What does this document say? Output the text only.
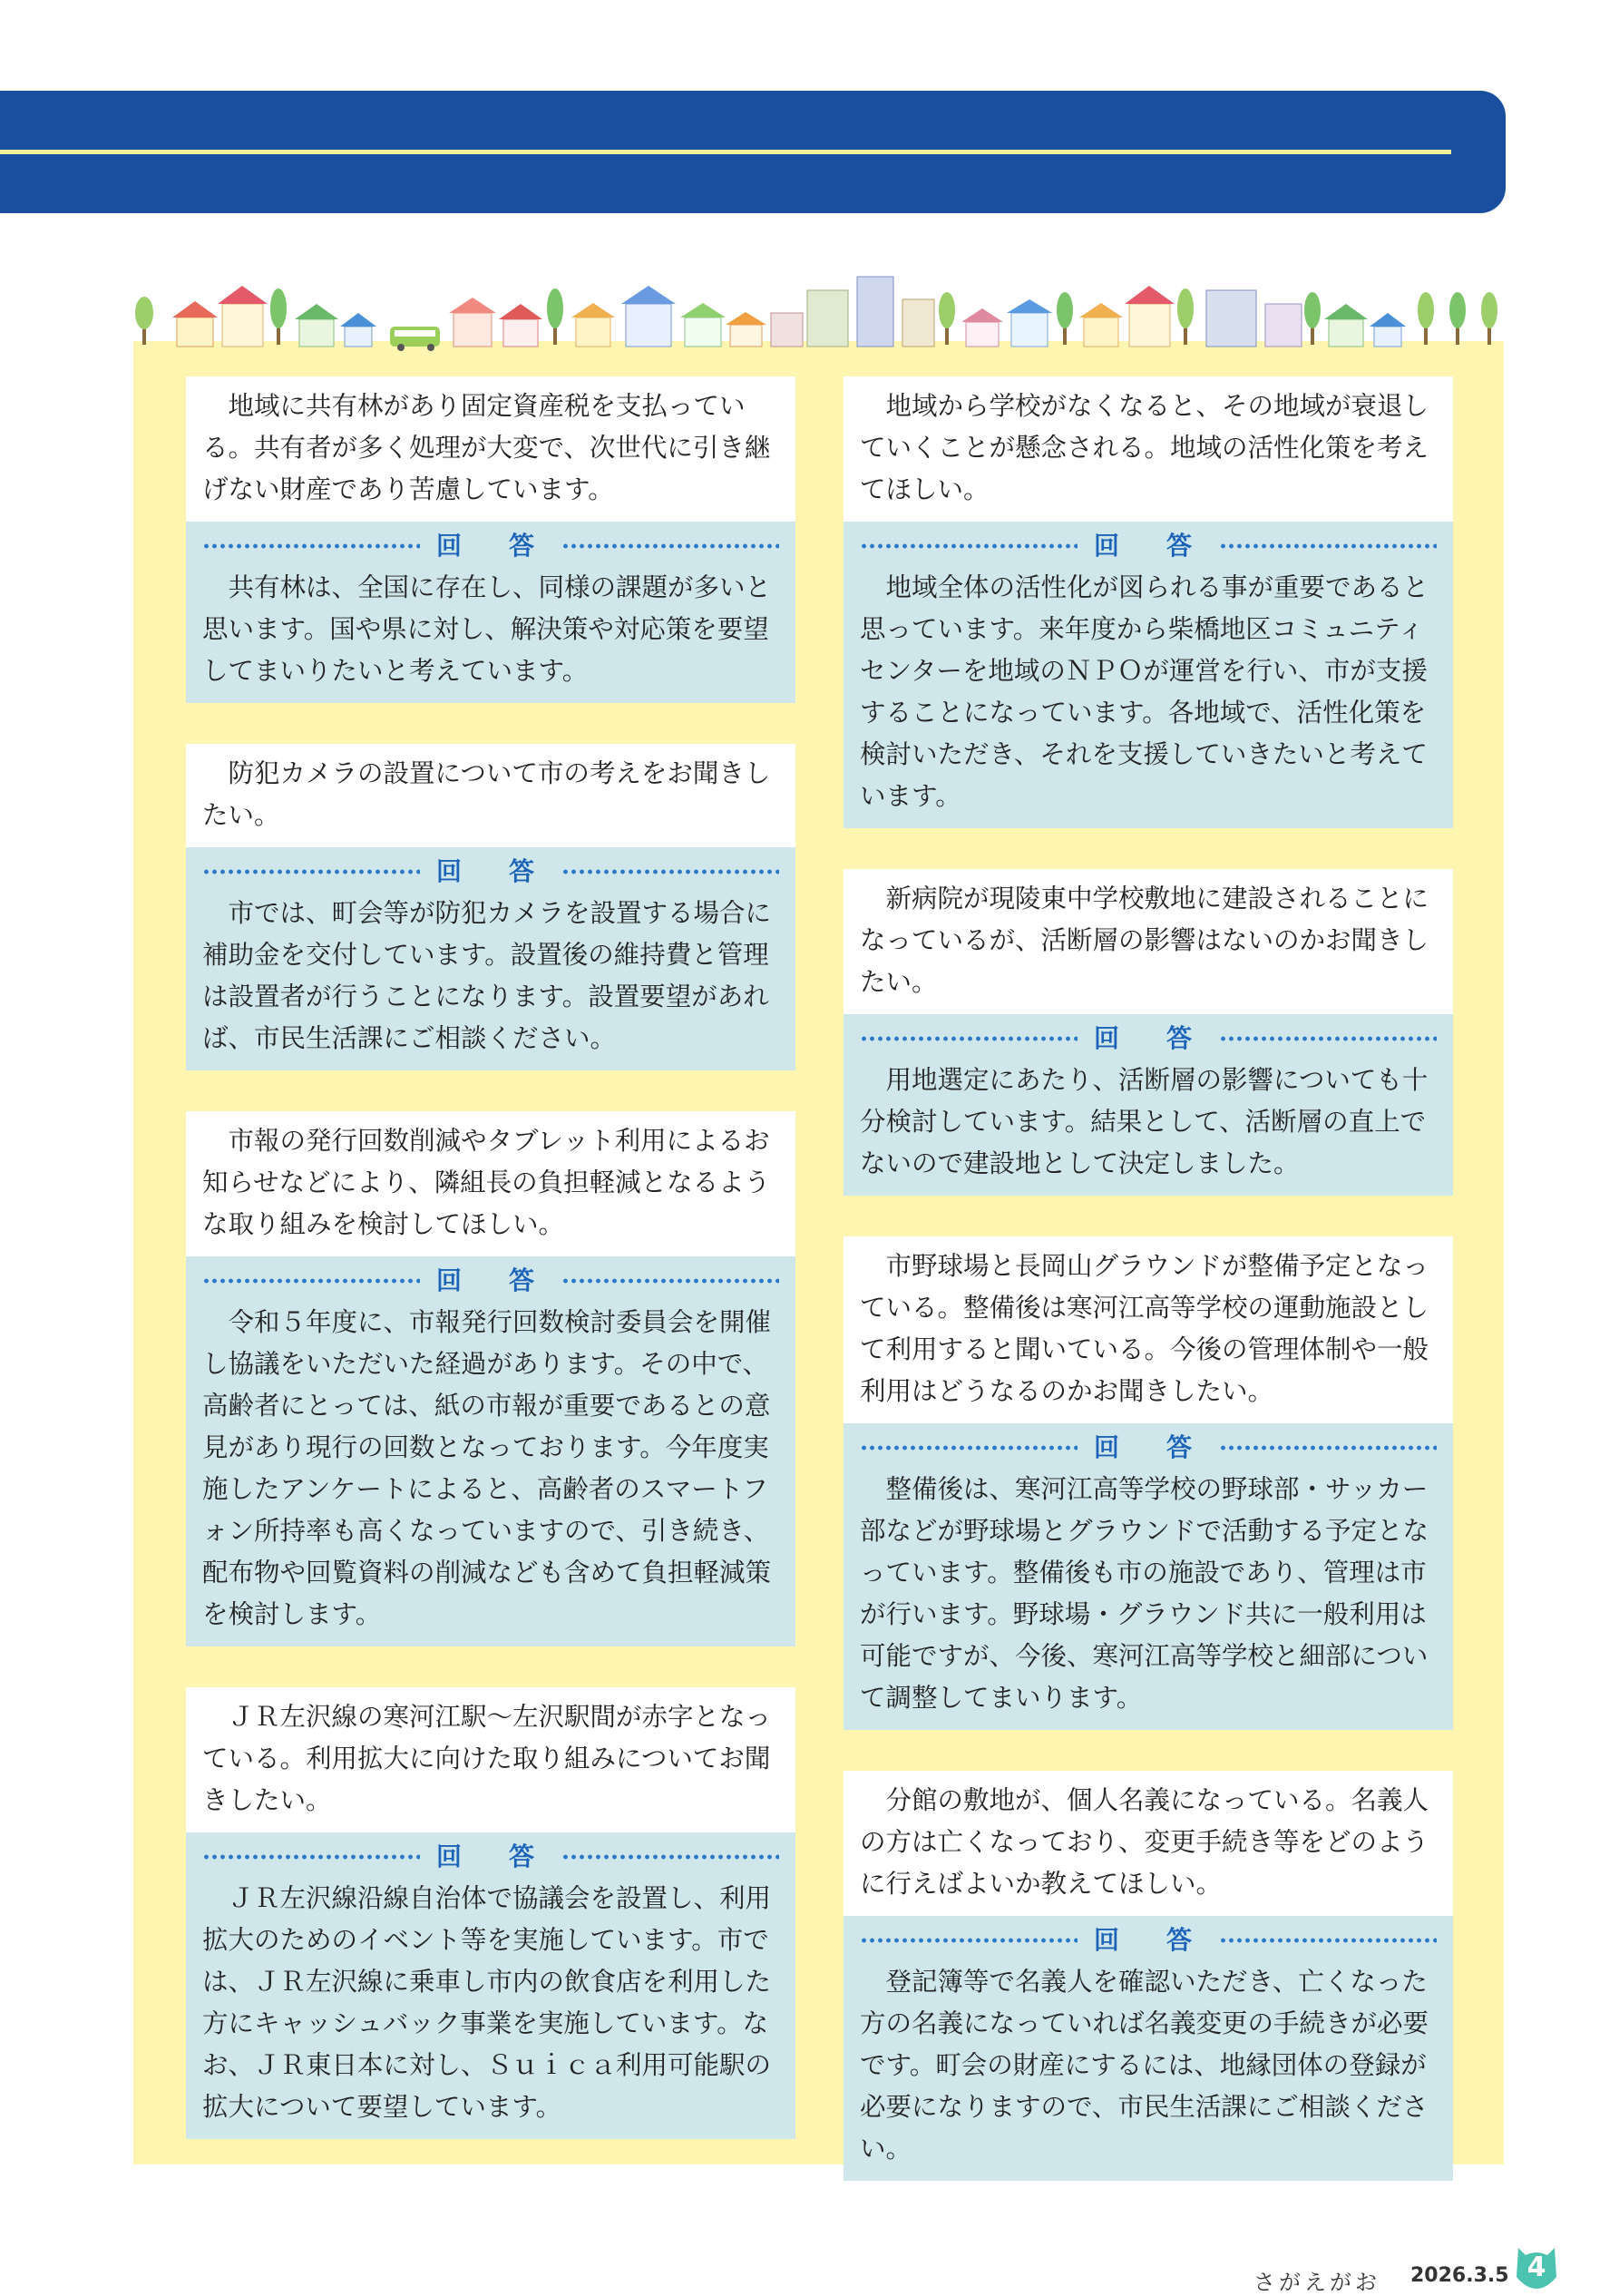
　地域に共有林があり固定資産税を支払っている。共有者が多く処理が大変で、次世代に引き継げない財産であり苦慮しています。
回　答
　共有林は、全国に存在し、同様の課題が多いと思います。国や県に対し、解決策や対応策を要望してまいりたいと考えています。
　防犯カメラの設置について市の考えをお聞きしたい。
回　答
　市では、町会等が防犯カメラを設置する場合に補助金を交付しています。設置後の維持費と管理は設置者が行うことになります。設置要望があれば、市民生活課にご相談ください。
　市報の発行回数削減やタブレット利用によるお知らせなどにより、隣組長の負担軽減となるような取り組みを検討してほしい。
回　答
　令和５年度に、市報発行回数検討委員会を開催し協議をいただいた経過があります。その中で、高齢者にとっては、紙の市報が重要であるとの意見があり現行の回数となっております。今年度実施したアンケートによると、高齢者のスマートフォン所持率も高くなっていますので、引き続き、配布物や回覧資料の削減なども含めて負担軽減策を検討します。
　ＪＲ左沢線の寒河江駅～左沢駅間が赤字となっている。利用拡大に向けた取り組みについてお聞きしたい。
回　答
　ＪＲ左沢線沿線自治体で協議会を設置し、利用拡大のためのイベント等を実施しています。市では、ＪＲ左沢線に乗車し市内の飲食店を利用した方にキャッシュバック事業を実施しています。なお、ＪＲ東日本に対し、Ｓｕｉｃａ利用可能駅の拡大について要望しています。
　地域から学校がなくなると、その地域が衰退していくことが懸念される。地域の活性化策を考えてほしい。
回　答
　地域全体の活性化が図られる事が重要であると思っています。来年度から柴橋地区コミュニティセンターを地域のＮＰＯが運営を行い、市が支援することになっています。各地域で、活性化策を検討いただき、それを支援していきたいと考えています。
　新病院が現陵東中学校敷地に建設されることになっているが、活断層の影響はないのかお聞きしたい。
回　答
　用地選定にあたり、活断層の影響についても十分検討しています。結果として、活断層の直上でないので建設地として決定しました。
　市野球場と長岡山グラウンドが整備予定となっている。整備後は寒河江高等学校の運動施設として利用すると聞いている。今後の管理体制や一般利用はどうなるのかお聞きしたい。
回　答
　整備後は、寒河江高等学校の野球部・サッカー部などが野球場とグラウンドで活動する予定となっています。整備後も市の施設であり、管理は市が行います。野球場・グラウンド共に一般利用は可能ですが、今後、寒河江高等学校と細部について調整してまいります。
　分館の敷地が、個人名義になっている。名義人の方は亡くなっており、変更手続き等をどのように行えばよいか教えてほしい。
回　答
　登記簿等で名義人を確認いただき、亡くなった方の名義になっていれば名義変更の手続きが必要です。町会の財産にするには、地縁団体の登録が必要になりますので、市民生活課にご相談ください。
さがえがお 2026.3.5 4
